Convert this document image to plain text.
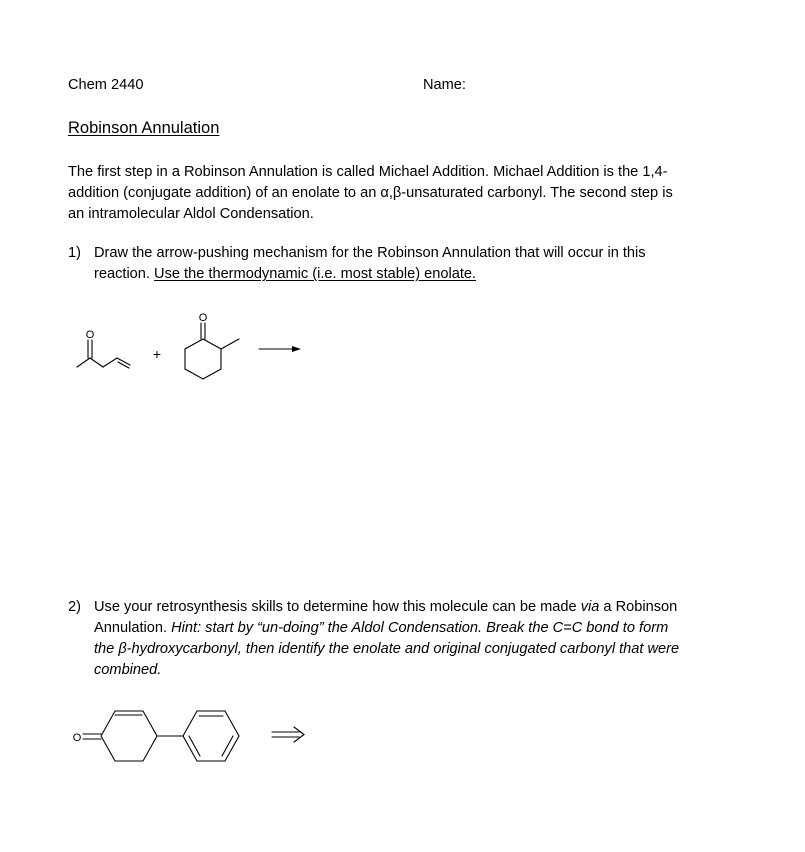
Chem 2440	Name:
Robinson Annulation
The first step in a Robinson Annulation is called Michael Addition. Michael Addition is the 1,4-
addition (conjugate addition) of an enolate to an α,β-unsaturated carbonyl. The second step is
an intramolecular Aldol Condensation.
1) Draw the arrow-pushing mechanism for the Robinson Annulation that will occur in this
reaction. Use the thermodynamic (i.e. most stable) enolate.
O
+
O
2) Use your retrosynthesis skills to determine how this molecule can be made via a Robinson
Annulation. Hint: start by “un-doing” the Aldol Condensation. Break the C=C bond to form
the β-hydroxycarbonyl, then identify the enolate and original conjugated carbonyl that were
combined.
O
